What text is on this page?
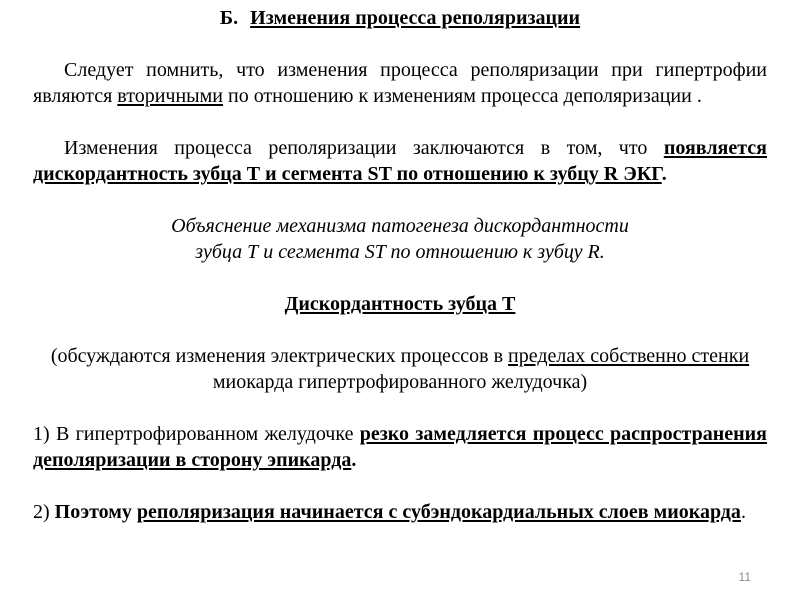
Б. Изменения процесса реполяризации

Следует помнить, что изменения процесса реполяризации при гипертрофии являются вторичными по отношению к изменениям процесса деполяризации .

Изменения процесса реполяризации заключаются в том, что появляется дискордантность зубца Т и сегмента ST по отношению к зубцу R ЭКГ.

Объяснение механизма патогенеза дискордантности
зубца Т и сегмента ST по отношению к зубцу R.

Дискордантность зубца Т

(обсуждаются изменения электрических процессов в пределах собственно стенки миокарда гипертрофированного желудочка)

1) В гипертрофированном желудочке резко замедляется процесс распространения деполяризации в сторону эпикарда.

2) Поэтому реполяризация начинается с субэндокардиальных слоев миокарда.

11
